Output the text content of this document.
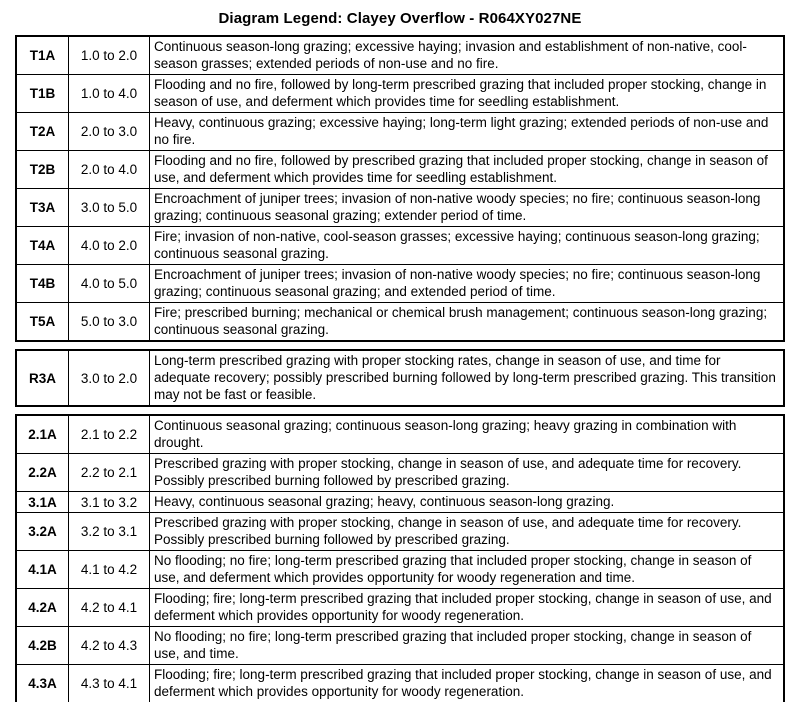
Diagram Legend: Clayey Overflow - R064XY027NE
T1A	1.0 to 2.0	Continuous season-long grazing; excessive haying; invasion and establishment of non-native, cool-season grasses; extended periods of non-use and no fire.
T1B	1.0 to 4.0	Flooding and no fire, followed by long-term prescribed grazing that included proper stocking, change in season of use, and deferment which provides time for seedling establishment.
T2A	2.0 to 3.0	Heavy, continuous grazing; excessive haying; long-term light grazing; extended periods of non-use and no fire.
T2B	2.0 to 4.0	Flooding and no fire, followed by prescribed grazing that included proper stocking, change in season of use, and deferment which provides time for seedling establishment.
T3A	3.0 to 5.0	Encroachment of juniper trees; invasion of non-native woody species; no fire; continuous season-long grazing; continuous seasonal grazing; extender period of time.
T4A	4.0 to 2.0	Fire; invasion of non-native, cool-season grasses; excessive haying; continuous season-long grazing; continuous seasonal grazing.
T4B	4.0 to 5.0	Encroachment of juniper trees; invasion of non-native woody species; no fire; continuous season-long grazing; continuous seasonal grazing; and extended period of time.
T5A	5.0 to 3.0	Fire; prescribed burning; mechanical or chemical brush management; continuous season-long grazing; continuous seasonal grazing.
R3A	3.0 to 2.0	Long-term prescribed grazing with proper stocking rates, change in season of use, and time for adequate recovery; possibly prescribed burning followed by long-term prescribed grazing. This transition may not be fast or feasible.
2.1A	2.1 to 2.2	Continuous seasonal grazing; continuous season-long grazing; heavy grazing in combination with drought.
2.2A	2.2 to 2.1	Prescribed grazing with proper stocking, change in season of use, and adequate time for recovery. Possibly prescribed burning followed by prescribed grazing.
3.1A	3.1 to 3.2	Heavy, continuous seasonal grazing; heavy, continuous season-long grazing.
3.2A	3.2 to 3.1	Prescribed grazing with proper stocking, change in season of use, and adequate time for recovery. Possibly prescribed burning followed by prescribed grazing.
4.1A	4.1 to 4.2	No flooding; no fire; long-term prescribed grazing that included proper stocking, change in season of use, and deferment which provides opportunity for woody regeneration and time.
4.2A	4.2 to 4.1	Flooding; fire; long-term prescribed grazing that included proper stocking, change in season of use, and deferment which provides opportunity for woody regeneration.
4.2B	4.2 to 4.3	No flooding; no fire; long-term prescribed grazing that included proper stocking, change in season of use, and time.
4.3A	4.3 to 4.1	Flooding; fire; long-term prescribed grazing that included proper stocking, change in season of use, and deferment which provides opportunity for woody regeneration.
